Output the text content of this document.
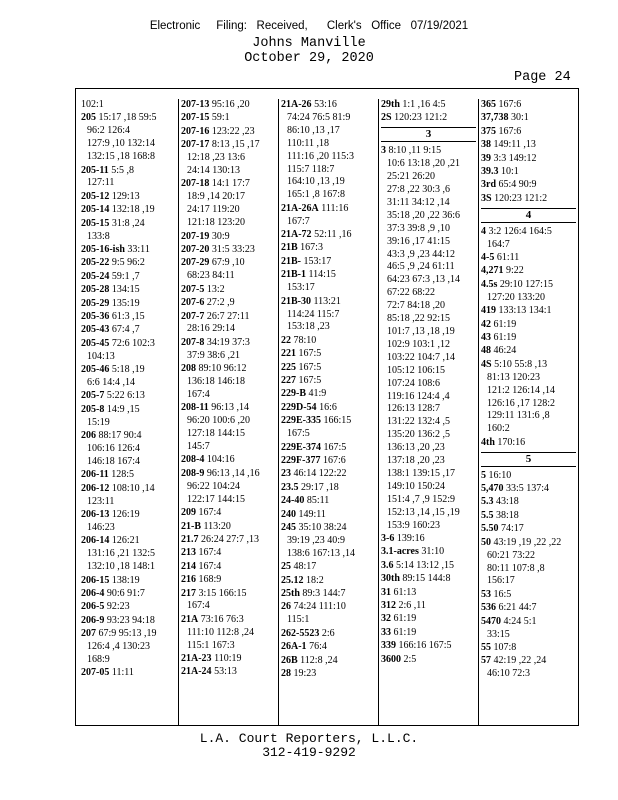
Electronic     Filing:   Received,      Clerk's   Office   07/19/2021
Johns Manville
October 29, 2020
Page 24
102:1
205 15:17 ,18 59:5
96:2 126:4
127:9 ,10 132:14
132:15 ,18 168:8
205-11 5:5 ,8
127:11
205-12 129:13
205-14 132:18 ,19
205-15 31:8 ,24
133:8
205-16-ish 33:11
205-22 9:5 96:2
205-24 59:1 ,7
205-28 134:15
205-29 135:19
205-36 61:3 ,15
205-43 67:4 ,7
205-45 72:6 102:3
104:13
205-46 5:18 ,19
6:6 14:4 ,14
205-7 5:22 6:13
205-8 14:9 ,15
15:19
206 88:17 90:4
106:16 126:4
146:18 167:4
206-11 128:5
206-12 108:10 ,14
123:11
206-13 126:19
146:23
206-14 126:21
131:16 ,21 132:5
132:10 ,18 148:1
206-15 138:19
206-4 90:6 91:7
206-5 92:23
206-9 93:23 94:18
207 67:9 95:13 ,19
126:4 ,4 130:23
168:9
207-05 11:11
207-13 95:16 ,20
207-15 59:1
207-16 123:22 ,23
207-17 8:13 ,15 ,17
12:18 ,23 13:6
24:14 130:13
207-18 14:1 17:7
18:9 ,14 20:17
24:17 119:20
121:18 123:20
207-19 30:9
207-20 31:5 33:23
207-29 67:9 ,10
68:23 84:11
207-5 13:2
207-6 27:2 ,9
207-7 26:7 27:11
28:16 29:14
207-8 34:19 37:3
37:9 38:6 ,21
208 89:10 96:12
136:18 146:18
167:4
208-11 96:13 ,14
96:20 100:6 ,20
127:18 144:15
145:7
208-4 104:16
208-9 96:13 ,14 ,16
96:22 104:24
122:17 144:15
209 167:4
21-B 113:20
21.7 26:24 27:7 ,13
213 167:4
214 167:4
216 168:9
217 3:15 166:15
167:4
21A 73:16 76:3
111:10 112:8 ,24
115:1 167:3
21A-23 110:19
21A-24 53:13
21A-26 53:16
74:24 76:5 81:9
86:10 ,13 ,17
110:11 ,18
111:16 ,20 115:3
115:7 118:7
164:10 ,13 ,19
165:1 ,8 167:8
21A-26A 111:16
167:7
21A-72 52:11 ,16
21B 167:3
21B- 153:17
21B-1 114:15
153:17
21B-30 113:21
114:24 115:7
153:18 ,23
22 78:10
221 167:5
225 167:5
227 167:5
229-B 41:9
229D-54 16:6
229E-335 166:15
167:5
229E-374 167:5
229F-377 167:6
23 46:14 122:22
23.5 29:17 ,18
24-40 85:11
240 149:11
245 35:10 38:24
39:19 ,23 40:9
138:6 167:13 ,14
25 48:17
25.12 18:2
25th 89:3 144:7
26 74:24 111:10
115:1
262-5523 2:6
26A-1 76:4
26B 112:8 ,24
28 19:23
29th 1:1 ,16 4:5
2S 120:23 121:2
3
3 8:10 ,11 9:15
10:6 13:18 ,20 ,21
25:21 26:20
27:8 ,22 30:3 ,6
31:11 34:12 ,14
35:18 ,20 ,22 36:6
37:3 39:8 ,9 ,10
39:16 ,17 41:15
43:3 ,9 ,23 44:12
46:5 ,9 ,24 61:11
64:23 67:3 ,13 ,14
67:22 68:22
72:7 84:18 ,20
85:18 ,22 92:15
101:7 ,13 ,18 ,19
102:9 103:1 ,12
103:22 104:7 ,14
105:12 106:15
107:24 108:6
119:16 124:4 ,4
126:13 128:7
131:22 132:4 ,5
135:20 136:2 ,5
136:13 ,20 ,23
137:18 ,20 ,23
138:1 139:15 ,17
149:10 150:24
151:4 ,7 ,9 152:9
152:13 ,14 ,15 ,19
153:9 160:23
3-6 139:16
3.1-acres 31:10
3.6 5:14 13:12 ,15
30th 89:15 144:8
31 61:13
312 2:6 ,11
32 61:19
33 61:19
339 166:16 167:5
3600 2:5
365 167:6
37,738 30:1
375 167:6
38 149:11 ,13
39 3:3 149:12
39.3 10:1
3rd 65:4 90:9
3S 120:23 121:2
4
4 3:2 126:4 164:5
164:7
4-5 61:11
4,271 9:22
4.5s 29:10 127:15
127:20 133:20
419 133:13 134:1
42 61:19
43 61:19
48 46:24
4S 5:10 55:8 ,13
81:13 120:23
121:2 126:14 ,14
126:16 ,17 128:2
129:11 131:6 ,8
160:2
4th 170:16
5
5 16:10
5,470 33:5 137:4
5.3 43:18
5.5 38:18
5.50 74:17
50 43:19 ,19 ,22 ,22
60:21 73:22
80:11 107:8 ,8
156:17
53 16:5
536 6:21 44:7
5470 4:24 5:1
33:15
55 107:8
57 42:19 ,22 ,24
46:10 72:3
L.A. Court Reporters, L.L.C.
312-419-9292
